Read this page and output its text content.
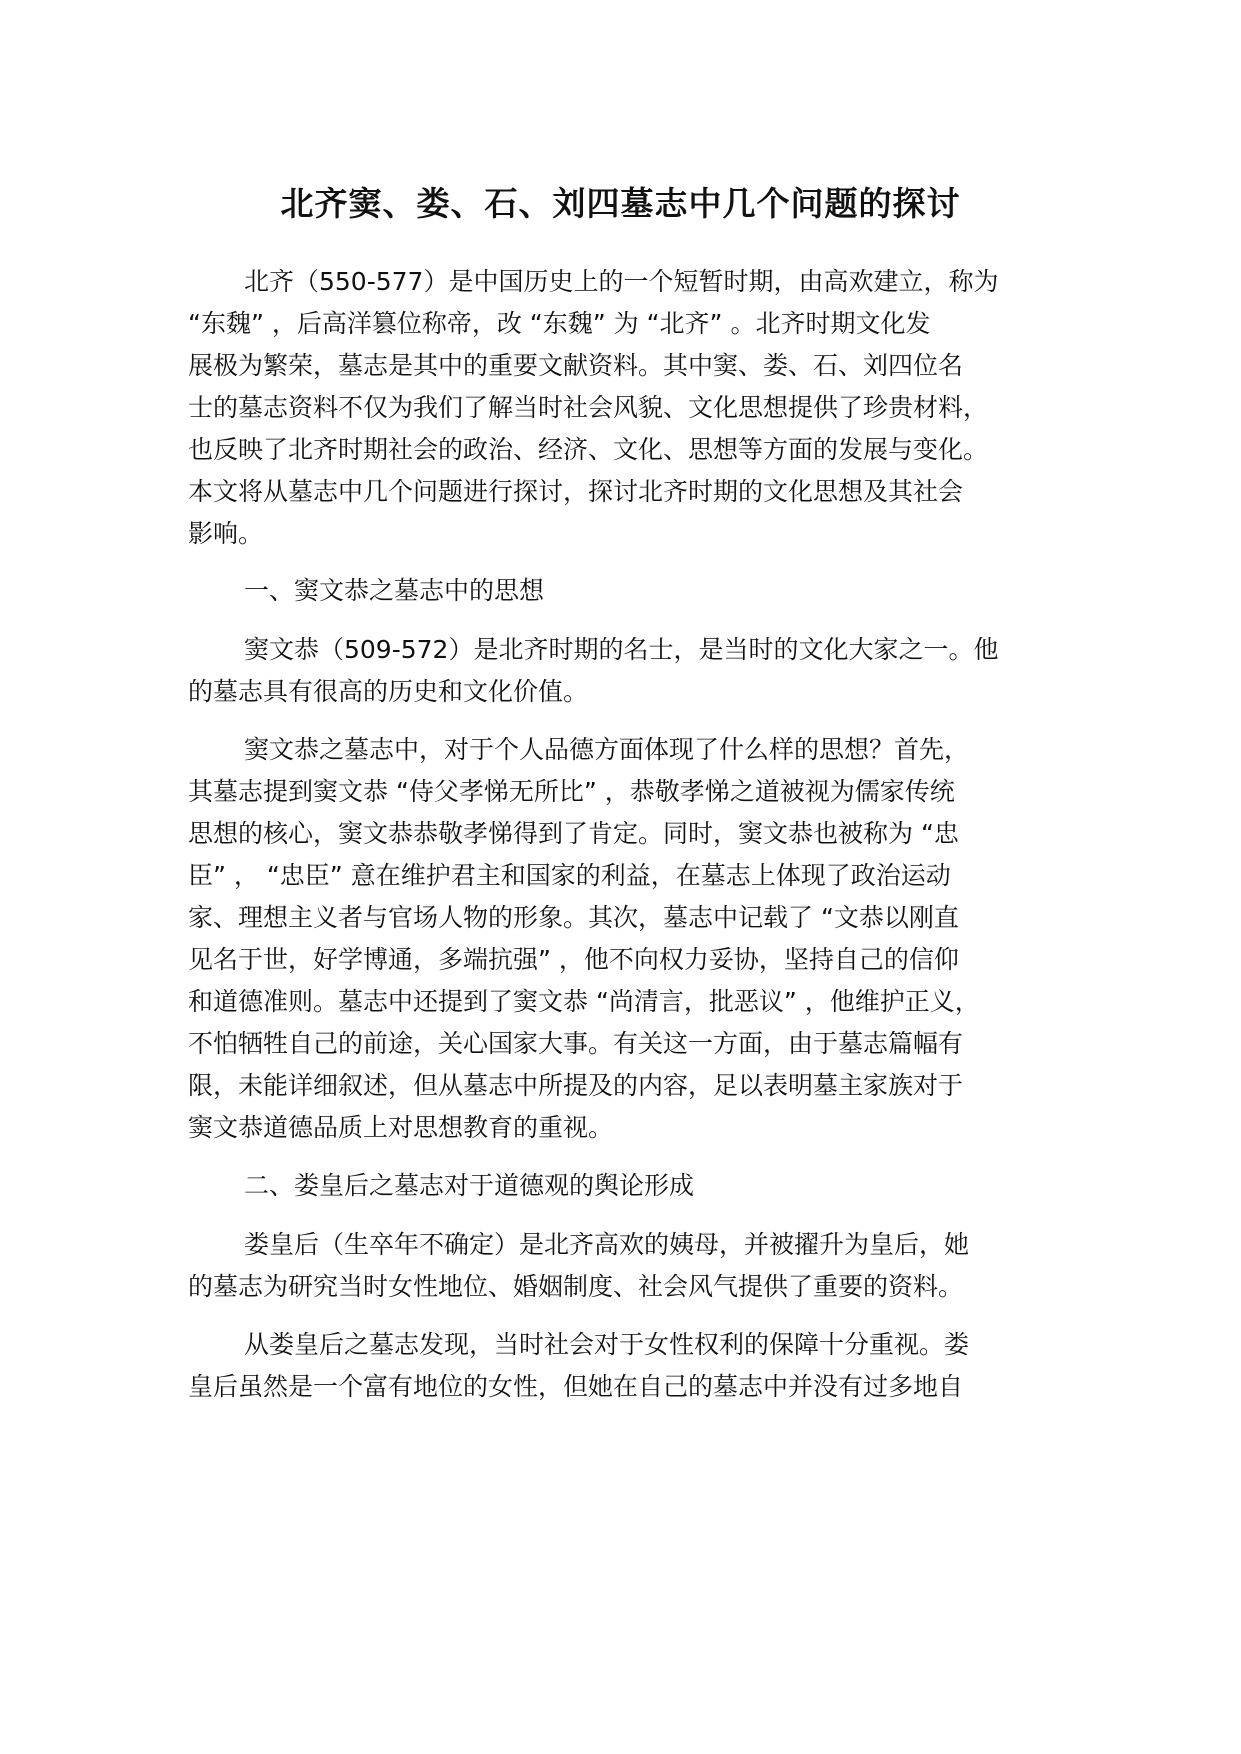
北齐窦、娄、石、刘四墓志中几个问题的探讨
北齐（550-577）是中国历史上的一个短暂时期，由高欢建立，称为
“东魏” ，后高洋篡位称帝，改 “东魏” 为 “北齐” 。北齐时期文化发
展极为繁荣，墓志是其中的重要文献资料。其中窦、娄、石、刘四位名
士的墓志资料不仅为我们了解当时社会风貌、文化思想提供了珍贵材料，
也反映了北齐时期社会的政治、经济、文化、思想等方面的发展与变化。
本文将从墓志中几个问题进行探讨，探讨北齐时期的文化思想及其社会
影响。
一、窦文恭之墓志中的思想
窦文恭（509-572）是北齐时期的名士，是当时的文化大家之一。他
的墓志具有很高的历史和文化价值。
窦文恭之墓志中，对于个人品德方面体现了什么样的思想？首先，
其墓志提到窦文恭 “侍父孝悌无所比” ，恭敬孝悌之道被视为儒家传统
思想的核心，窦文恭恭敬孝悌得到了肯定。同时，窦文恭也被称为 “忠
臣” ， “忠臣” 意在维护君主和国家的利益，在墓志上体现了政治运动
家、理想主义者与官场人物的形象。其次，墓志中记载了 “文恭以刚直
见名于世，好学博通，多端抗强” ，他不向权力妥协，坚持自己的信仰
和道德准则。墓志中还提到了窦文恭 “尚清言，批恶议” ，他维护正义，
不怕牺牲自己的前途，关心国家大事。有关这一方面，由于墓志篇幅有
限，未能详细叙述，但从墓志中所提及的内容，足以表明墓主家族对于
窦文恭道德品质上对思想教育的重视。
二、娄皇后之墓志对于道德观的舆论形成
娄皇后（生卒年不确定）是北齐高欢的姨母，并被擢升为皇后，她
的墓志为研究当时女性地位、婚姻制度、社会风气提供了重要的资料。
从娄皇后之墓志发现，当时社会对于女性权利的保障十分重视。娄
皇后虽然是一个富有地位的女性，但她在自己的墓志中并没有过多地自
